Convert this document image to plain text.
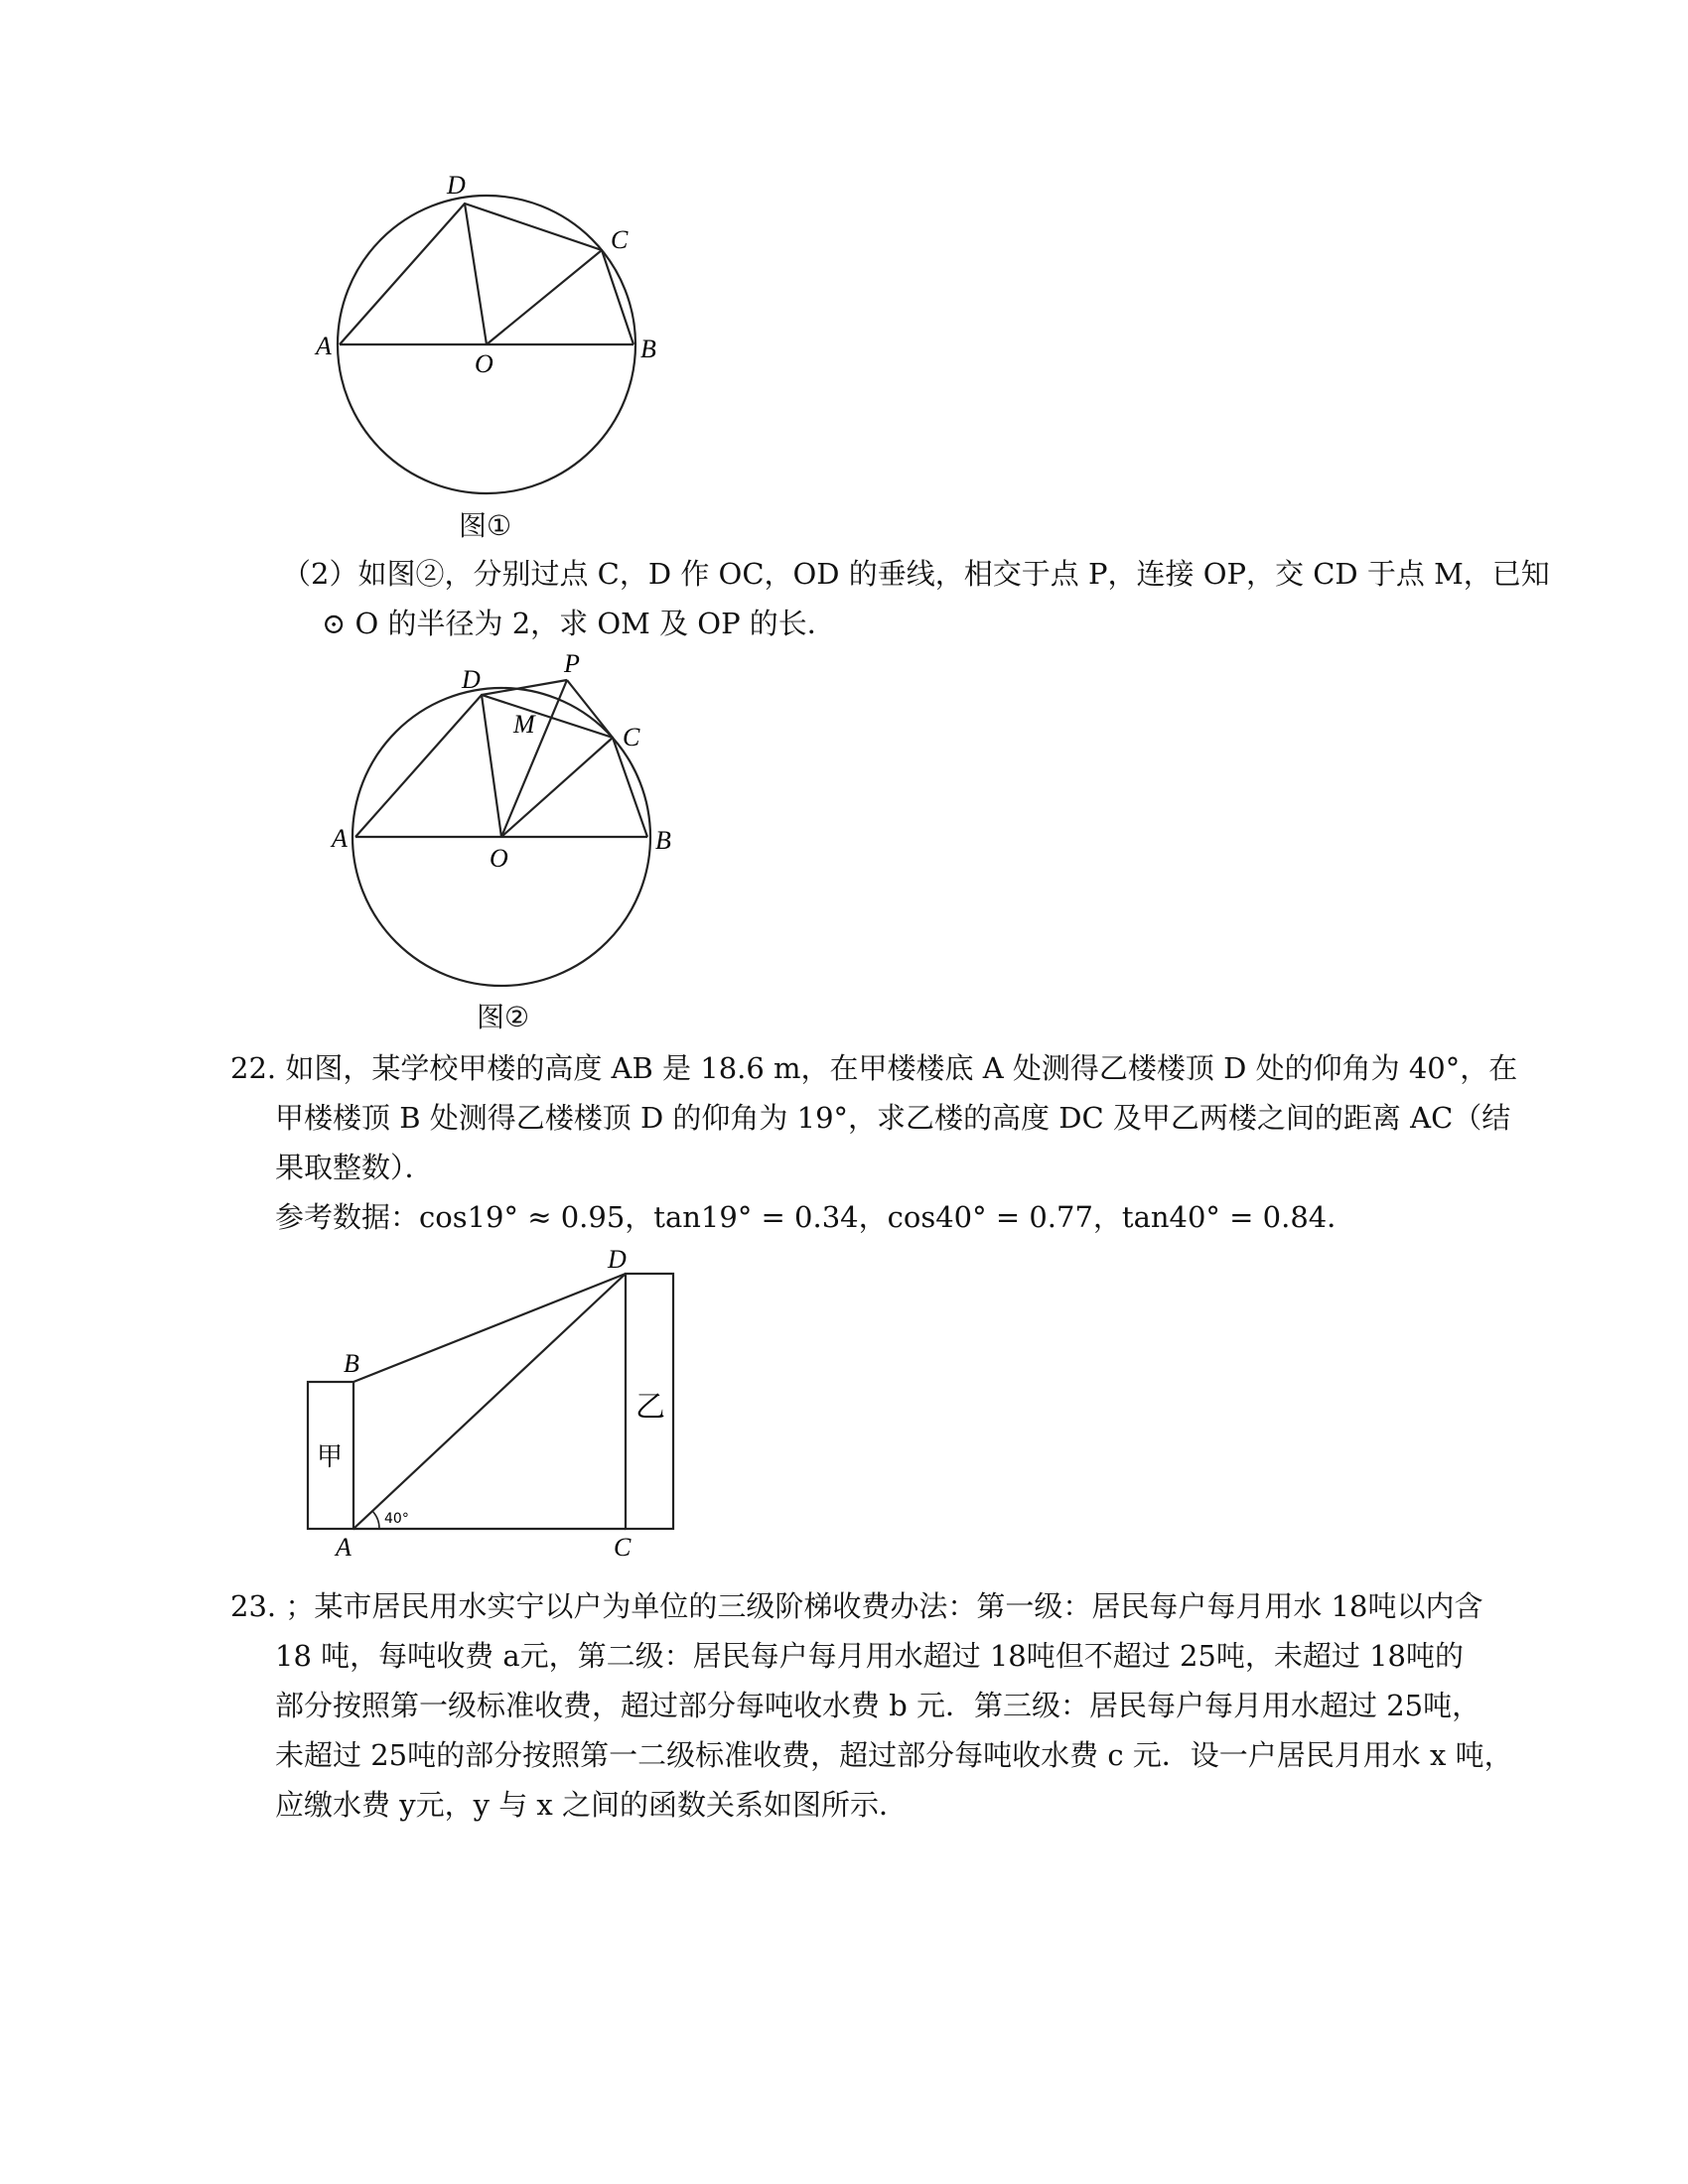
D
C
A	B
O
图①
（2）如图②，分别过点 C，D 作 OC，OD 的垂线，相交于点 P，连接 OP，交 CD 于点 M，已知
⊙ O 的半径为 2，求 OM 及 OP 的长．
P
D
M	C
A	B
O
图②
22. 如图，某学校甲楼的高度 AB 是 18.6 m，在甲楼楼底 A 处测得乙楼楼顶 D 处的仰角为 40°，在
甲楼楼顶 B 处测得乙楼楼顶 D 的仰角为 19°，求乙楼的高度 DC 及甲乙两楼之间的距离 AC（结
果取整数）．
参考数据：cos19° ≈ 0.95，tan19° = 0.34，cos40° = 0.77，tan40° = 0.84．
D
B
A	C
甲
乙
40°
23. ；某市居民用水实宁以户为单位的三级阶梯收费办法：第一级：居民每户每月用水 18吨以内含
18 吨，每吨收费 a元，第二级：居民每户每月用水超过 18吨但不超过 25吨，未超过 18吨的
部分按照第一级标准收费，超过部分每吨收水费 b 元．第三级：居民每户每月用水超过 25吨，
未超过 25吨的部分按照第一二级标准收费，超过部分每吨收水费 c 元．设一户居民月用水 x 吨，
应缴水费 y元，y 与 x 之间的函数关系如图所示．
